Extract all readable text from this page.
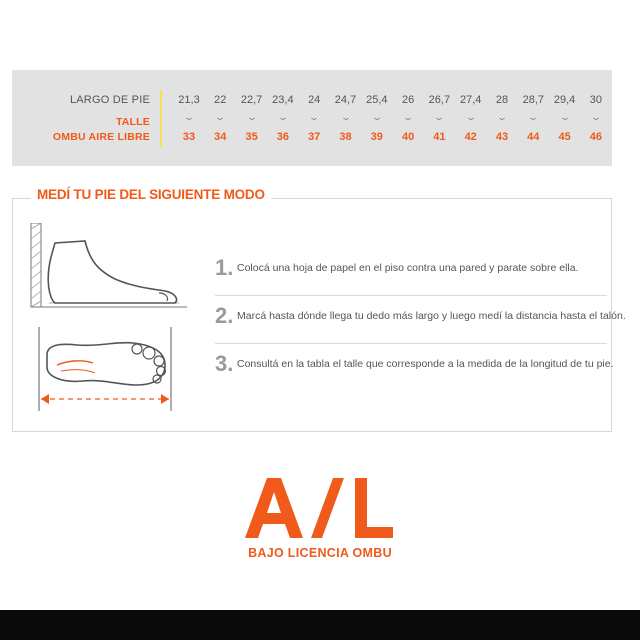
LARGO DE PIE
TALLE
OMBU AIRE LIBRE
21,3
⌄
33
22
⌄
34
22,7
⌄
35
23,4
⌄
36
24
⌄
37
24,7
⌄
38
25,4
⌄
39
26
⌄
40
26,7
⌄
41
27,4
⌄
42
28
⌄
43
28,7
⌄
44
29,4
⌄
45
30
⌄
46
MEDÍ TU PIE DEL SIGUIENTE MODO
1. Colocá una hoja de papel en el piso contra una pared y parate sobre ella.
2. Marcá hasta dónde llega tu dedo más largo y luego medí la distancia hasta el talón.
3. Consultá en la tabla el talle que corresponde a la medida de la longitud de tu pie.
BAJO LICENCIA OMBU
